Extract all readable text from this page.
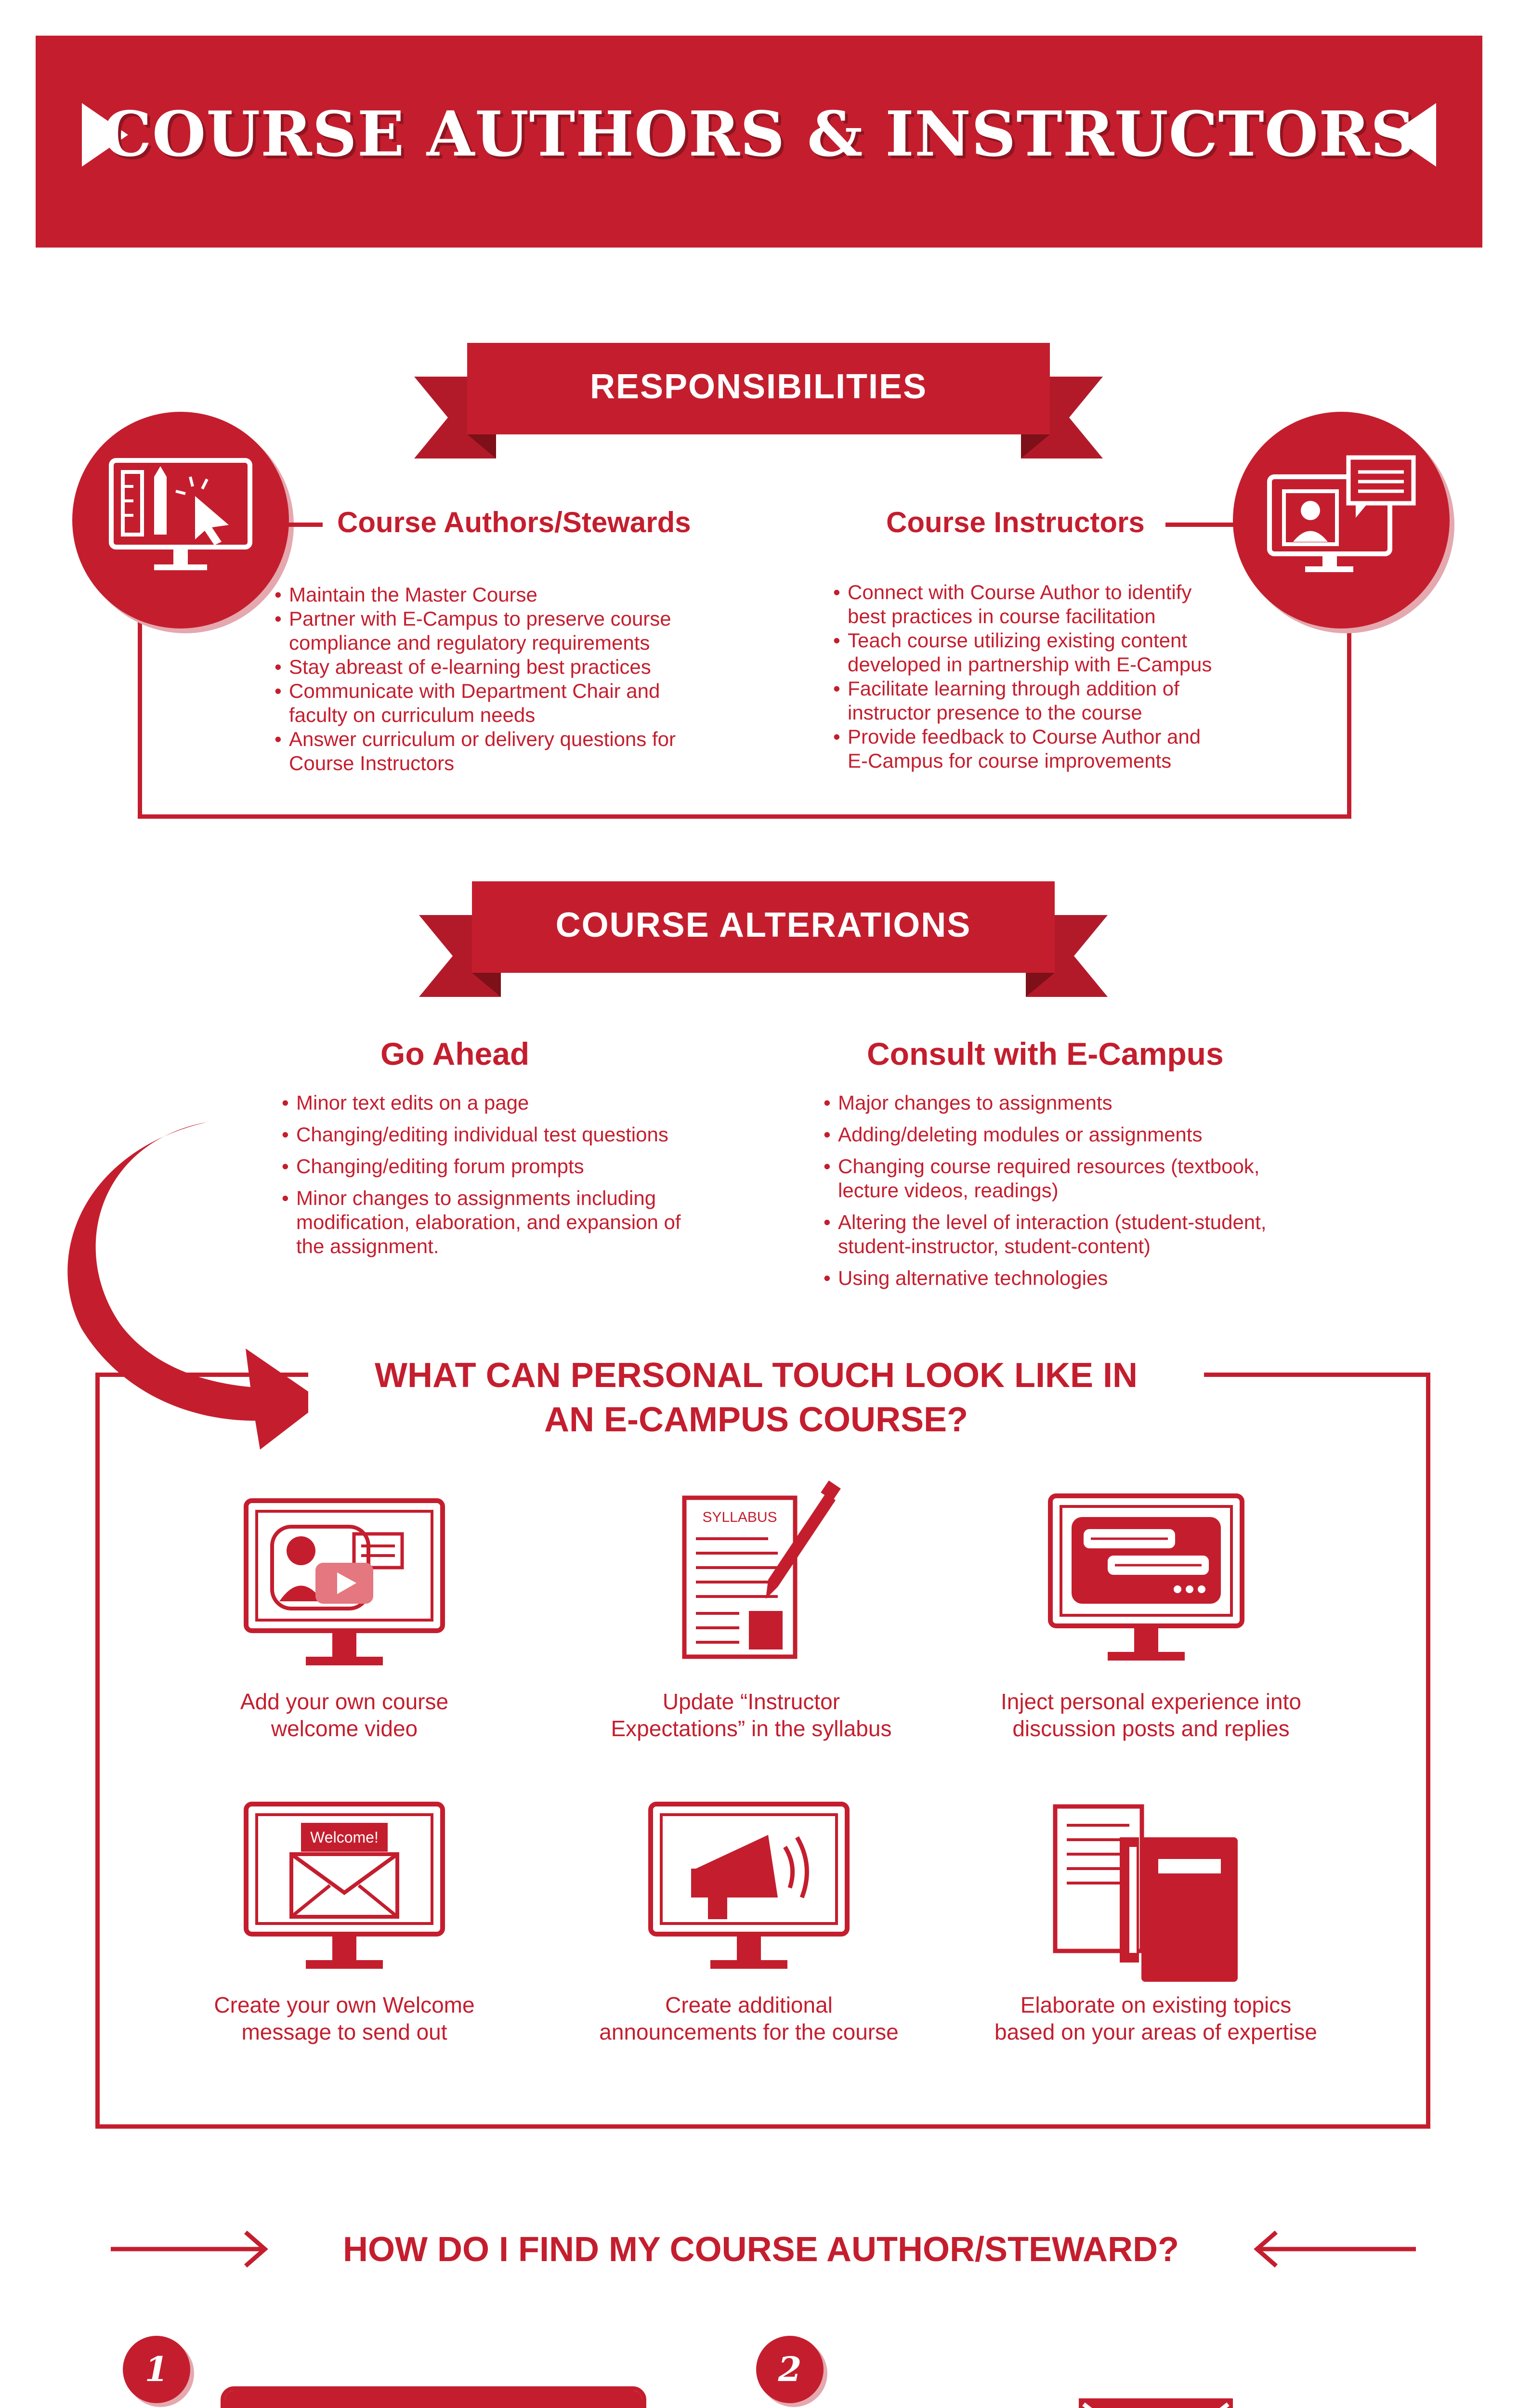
COURSE AUTHORS & INSTRUCTORS
RESPONSIBILITIES
Course Authors/Stewards
• Maintain the Master Course
• Partner with E-Campus to preserve course
compliance and regulatory requirements
• Stay abreast of e-learning best practices
• Communicate with Department Chair and
faculty on curriculum needs
• Answer curriculum or delivery questions for
Course Instructors
Course Instructors
• Connect with Course Author to identify
best practices in course facilitation
• Teach course utilizing existing content
developed in partnership with E-Campus
• Facilitate learning through addition of
instructor presence to the course
• Provide feedback to Course Author and
E-Campus for course improvements
COURSE ALTERATIONS
Go Ahead
• Minor text edits on a page
• Changing/editing individual test questions
• Changing/editing forum prompts
• Minor changes to assignments including
modification, elaboration, and expansion of
the assignment.
Consult with E-Campus
• Major changes to assignments
• Adding/deleting modules or assignments
• Changing course required resources (textbook,
lecture videos, readings)
• Altering the level of interaction (student-student,
student-instructor, student-content)
• Using alternative technologies
WHAT CAN PERSONAL TOUCH LOOK LIKE IN
AN E-CAMPUS COURSE?
Add your own course
welcome video
SYLLABUS
Update “Instructor
Expectations” in the syllabus
Inject personal experience into
discussion posts and replies
Welcome!
Create your own Welcome
message to send out
Create additional
announcements for the course
Elaborate on existing topics
based on your areas of expertise
HOW DO I FIND MY COURSE AUTHOR/STEWARD?
1	2
